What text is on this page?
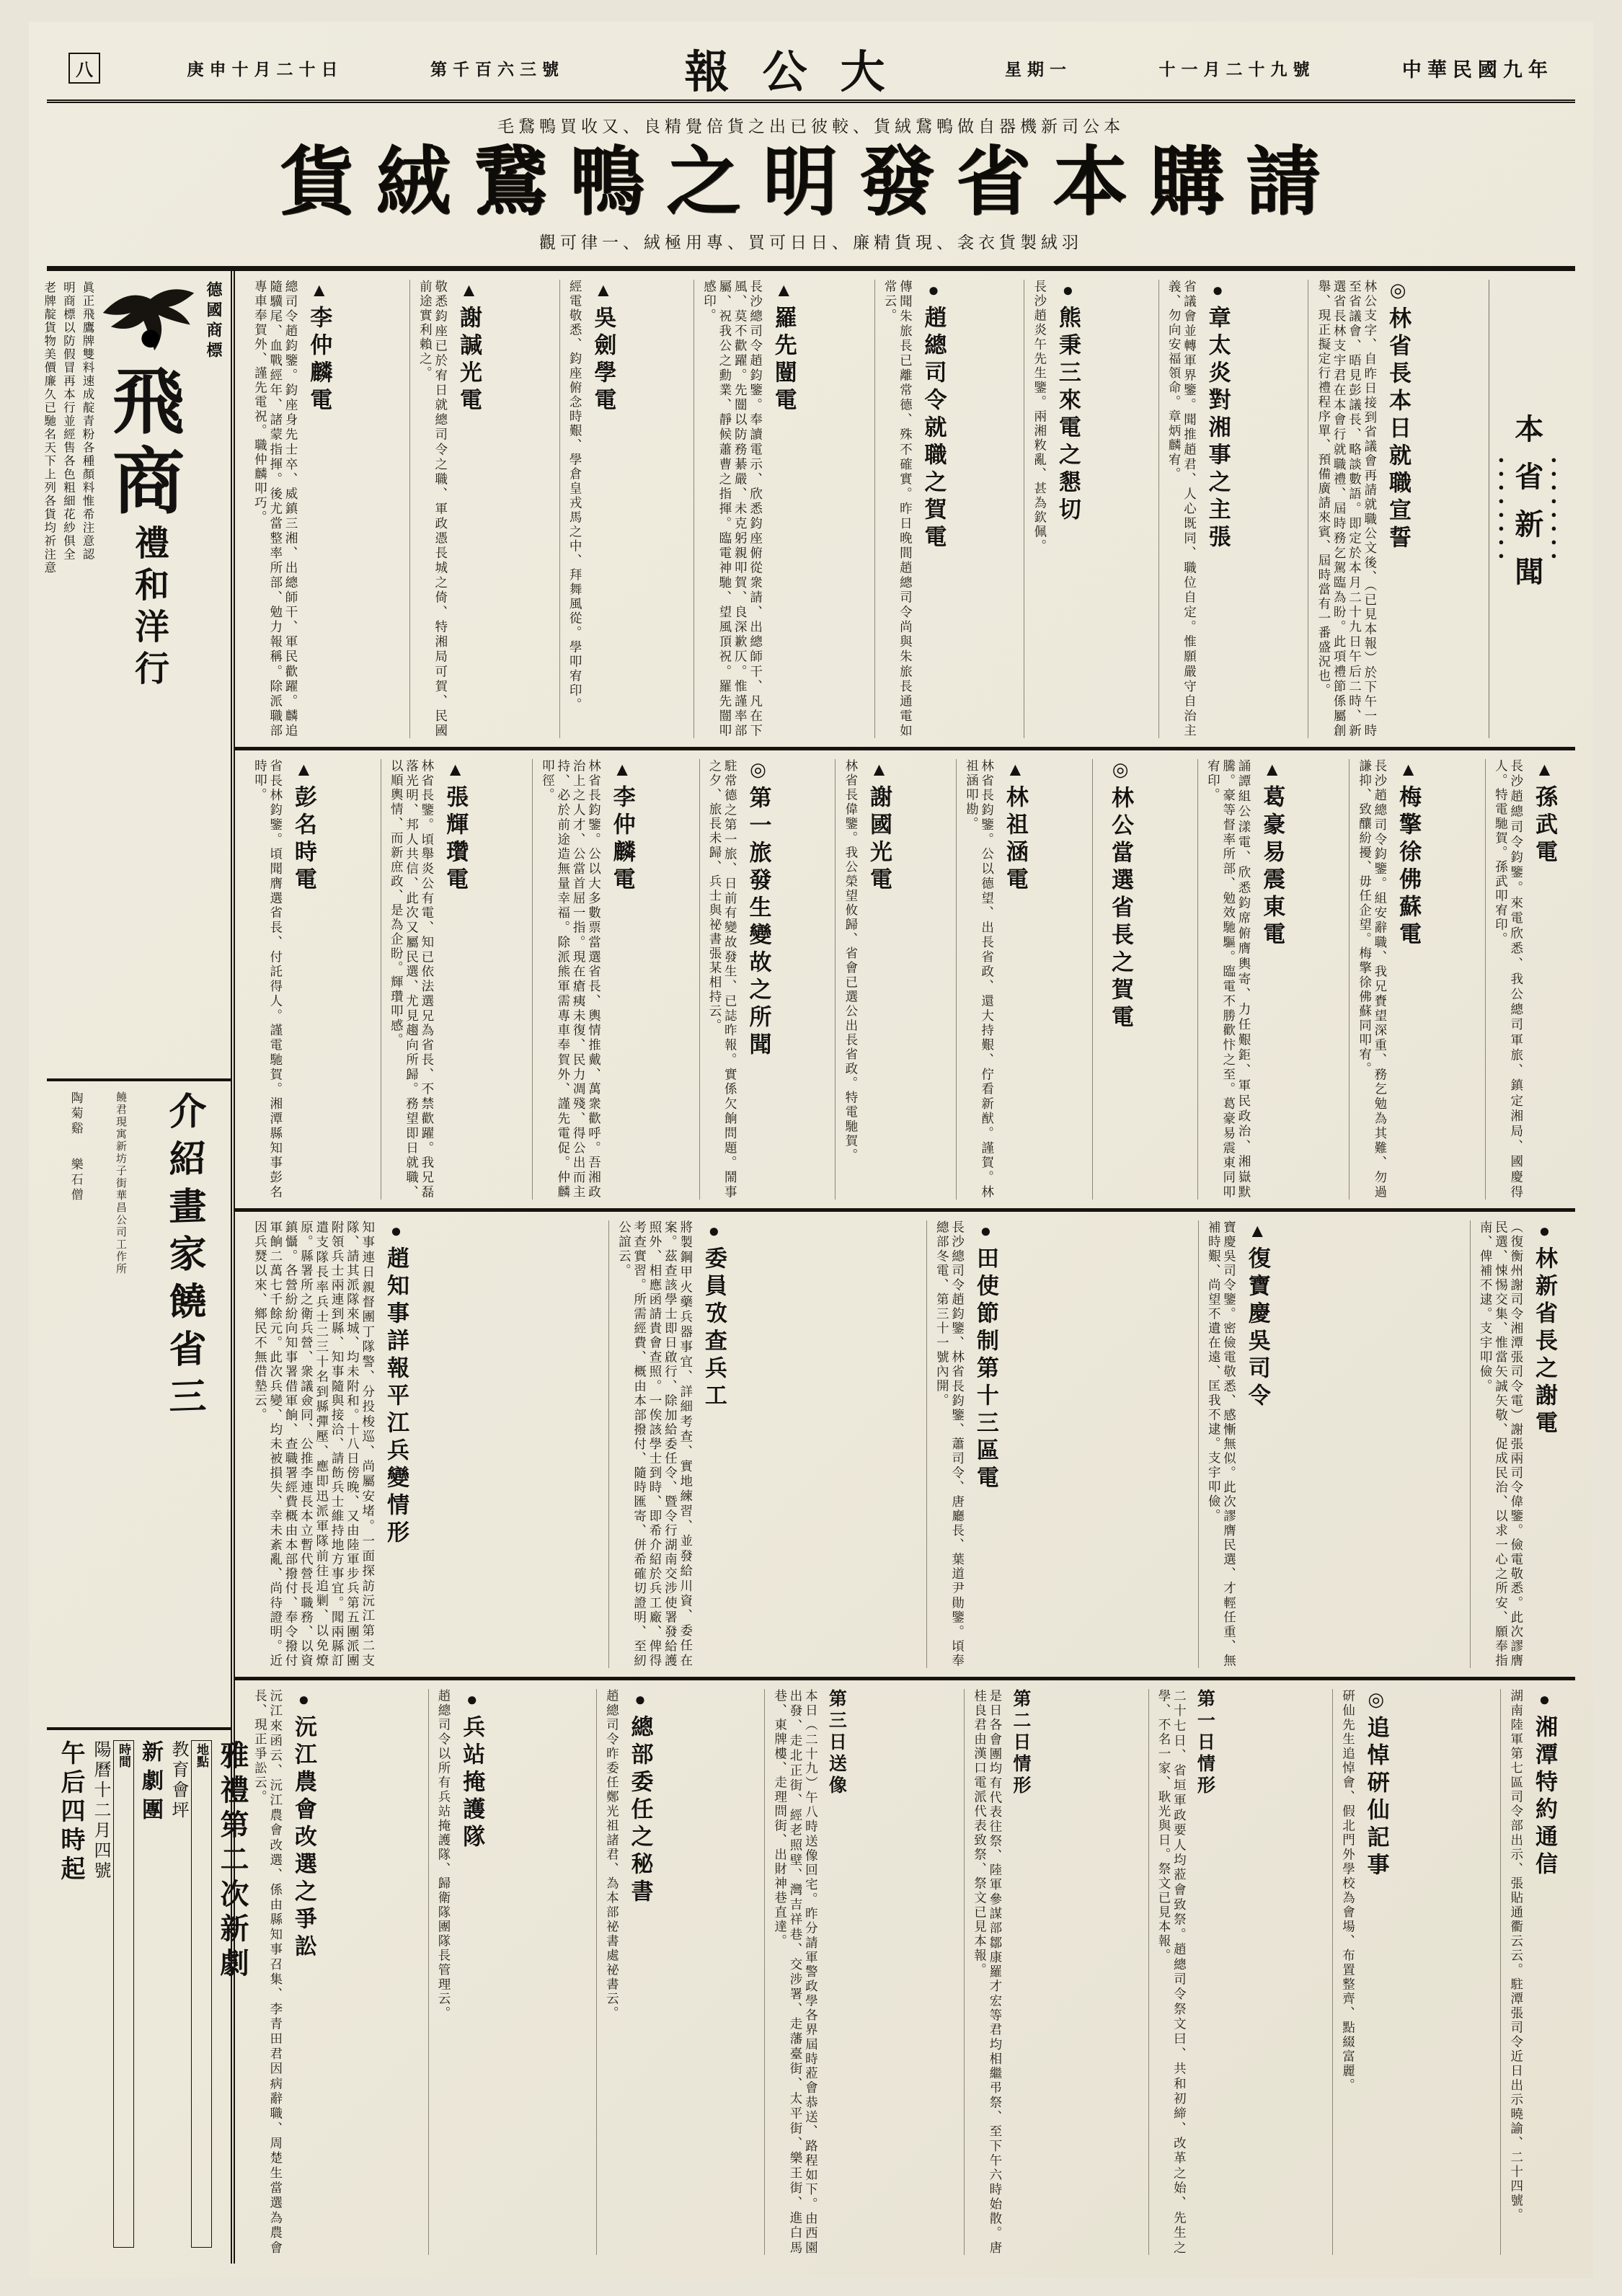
中華民國九年
十一月二十九號
星期一
大公報
第千百六三號
庚申十月二十日
八
本公司新機器自做鴨鵞絨貨、較彼已出之貨倍覺精良、又收買鴨鵞毛
請購本省發明之鴨鵞絨貨
羽絨製貨衣衾、現貨精廉、日日可買、專用極絨、一律可觀
德國商標
飛
商
禮和洋行
眞正飛鷹牌雙料速成靛青粉各種顏料惟希注意認
明商標以防假冒再本行並經售各色粗細花紗俱全
老牌靛貨物美價廉久已馳名天下上列各貨均祈注意
介紹畫家饒省三
饒君現寓新坊子街華昌公司工作所
陶菊谿　 樂石僧
雅禮第二次新劇
地點
教育會坪
新劇團
時間
陽曆十二月四號
午后四時起
●●●●●●●●
本省新聞
●●●●●●●●
◎林省長本日就職宣誓

林公支字、自昨日接到省議會再請就職公文後、（已見本報）於下午一時至省議會、晤見彭議長、略談數語。即定於本月二十九日午后二時、新選省長林支宇君在本會行就職禮、屆時務乞駕臨為盼。此項禮節係屬創舉、現正擬定行禮程序單、預備廣請來賓、屆時當有一番盛況也。

●章太炎對湘事之主張

省議會並轉軍界鑒。聞推趙君、人心既同、職位自定。惟願嚴守自治主義、勿向安福領命。章炳麟宥。

●熊秉三來電之懇切

長沙趙炎午先生鑒。兩湘敉亂、甚為欽佩。

●趙總司令就職之賀電

傳聞朱旅長已離常德、殊不確實。昨日晚間趙總司令尚與朱旅長通電如常云。

▲羅先闓電

長沙總司令趙鈞鑒。奉讀電示、欣悉鈞座俯從衆請、出總師干、凡在下風、莫不歡躍。先闓以防務綦嚴、未克躬親叩賀、良深歉仄。惟謹率部屬、祝我公之勳業、靜候蕭曹之指揮。臨電神馳、望風頂祝。羅先闓叩感印。

▲吳劍學電

經電敬悉、鈞座俯念時艱、學倉皇戎馬之中、拜舞風從。學叩宥印。

▲謝諴光電

敬悉鈞座已於宥日就總司令之職、軍政憑長城之倚、特湘局可賀、民國前途實利賴之。

▲李仲麟電

總司令趙鈞鑒。鈞座身先士卒、威鎮三湘、出總師干、軍民歡躍。麟追隨驥尾、血戰經年、諸蒙指揮。後尤當整率所部、勉力報稱。除派職部專車奉賀外、謹先電祝。職仲麟叩巧。

▲孫武電

長沙趙總司令鈞鑒。來電欣悉、我公總司軍旅、鎮定湘局、國慶得人。特電馳賀。孫武叩宥印。

▲梅擎徐佛蘇電

長沙趙總司令鈞鑒。組安辭職、我兄賚望深重、務乞勉為其難、勿過謙抑、致釀紛擾、毋任企望。梅擎徐佛蘇同叩宥。

▲葛豪易震東電

誦譚組公漾電、欣悉鈞席俯膺輿寄、力任艱鉅、軍民政治、湘嶽默騰。豪等督率所部、勉效馳驅。臨電不勝歡忭之至。葛豪易震東同叩宥印。

◎林公當選省長之賀電

▲林祖涵電

林省長鈞鑒。公以德望、出長省政、還大持艱、佇看新猷。謹賀。林祖涵叩勘。

▲謝國光電

林省長偉鑒。我公榮望攸歸、省會已選公出長省政。特電馳賀。

◎第一旅發生變故之所聞

駐常德之第一旅、日前有變故發生、已誌昨報。實係欠餉問題。鬧事之夕、旅長未歸、兵士與祕書張某相持云。

▲李仲麟電

林省長鈞鑒。公以大多數票當選省長、輿情推戴、萬衆歡呼。吾湘政治上之人才、公當首屈一指。現在瘡痍未復、民力凋殘、得公出而主持、必於前途造無量幸福。除派熊軍需專車奉賀外、謹先電促。仲麟叩徑。

▲張輝瓚電

林省長鑒。頃舉炎公有電、知已依法選兄為省長、不禁歡躍。我兄磊落光明、邦人共信、此次又屬民選、尤見趨向所歸。務望即日就職、以順輿情、而新庶政、是為企盼。輝瓚叩感。

▲彭名時電

省長林鈞鑒。頃聞膺選省長、付託得人。謹電馳賀。湘潭縣知事彭名時叩。

●林新省長之謝電

（復衡州謝司令湘潭張司令電）謝張兩司令偉鑒。儉電敬悉。此次謬膺民選、悚惕交集、惟當矢誠矢敬、促成民治、以求一心之所安、願奉指南、俾補不逮。支宇叩儉。

▲復寶慶吳司令

寶慶吳司令鑒。密儉電敬悉、感慚無似。此次謬膺民選、才輕任重、無補時艱、尚望不遺在遠、匡我不逮。支宇叩儉。

●田使節制第十三區電

長沙總司令趙鈞鑒、林省長鈞鑒、蕭司令、唐廳長、葉道尹勛鑒。頃奉總部冬電、第三十一號內開。

●委員攷查兵工

將製鋼甲火藥兵器事宜、詳細考查、實地練習、並發給川資、委任在案。茲查該學士即日啟行、除加給委任令、暨令行湖南交涉使署發給護照外、相應函請貴會查照。一俟該學士到時、即希介紹於兵工廠、俾得考查實習。所需經費、概由本部撥付、隨時匯寄、併希確切證明、至紉公誼云。

●趙知事詳報平江兵變情形

知事連日親督團丁隊警、分投梭巡、尚屬安堵。一面探訪沅江第二支隊、請其派隊來城、均未附和。十八日傍晚、又由陸軍步兵第五團派團附領兵士兩連到縣、知事隨與接洽、請飭兵士維持地方事宜。聞兩縣訂遣支隊長率兵士二三十名到縣彈壓、應即迅派軍隊前往追剿、以免燎原。縣署所之衛兵營、衆議僉同、公推李連長本立暫代營長職務、以資鎮懾。各營紛紛向知事署借軍餉、查職署經費概由本部撥付、奉令撥付軍餉二萬七千餘元。此次兵變、均未被損失、幸未紊亂、尚待證明。近因兵燹以來、鄉民不無借墊云。

●湘潭特約通信

湖南陸軍第七區司令部出示、張貼通衢云云。駐潭張司令近日出示曉諭、二十四號。

◎追悼硏仙記事

硏仙先生追悼會、假北門外學校為會場、布置整齊、點綴富麗。

第一日情形

二十七日、省垣軍政要人均蒞會致祭。趙總司令祭文曰、共和初締、改革之始、先生之學、不名一家、耿光與日。祭文已見本報。

第二日情形

是日各會團均有代表往祭、陸軍參謀部鄒康羅才宏等君均相繼弔祭、至下午六時始散。唐桂良君由漢口電派代表致祭、祭文已見本報。

第三日送像

本日（二十九）午八時送像回宅。昨分請軍警政學各界屆時蒞會恭送、路程如下。由西園出發、走北正街、經老照壁、灣吉祥巷、交涉署、走藩臺街、太平街、樂王街、進白馬巷、東牌樓、走理問街、出財神巷直達。

●總部委任之秘書

趙總司令昨委任鄭光祖諸君、為本部祕書處祕書云。

●兵站掩護隊

趙總司令以所有兵站掩護隊、歸衛隊團隊長管理云。

●沅江農會改選之爭訟

沅江來函云、沅江農會改選、係由縣知事召集、李青田君因病辭職、周楚生當選為農會長、現正爭訟云。
